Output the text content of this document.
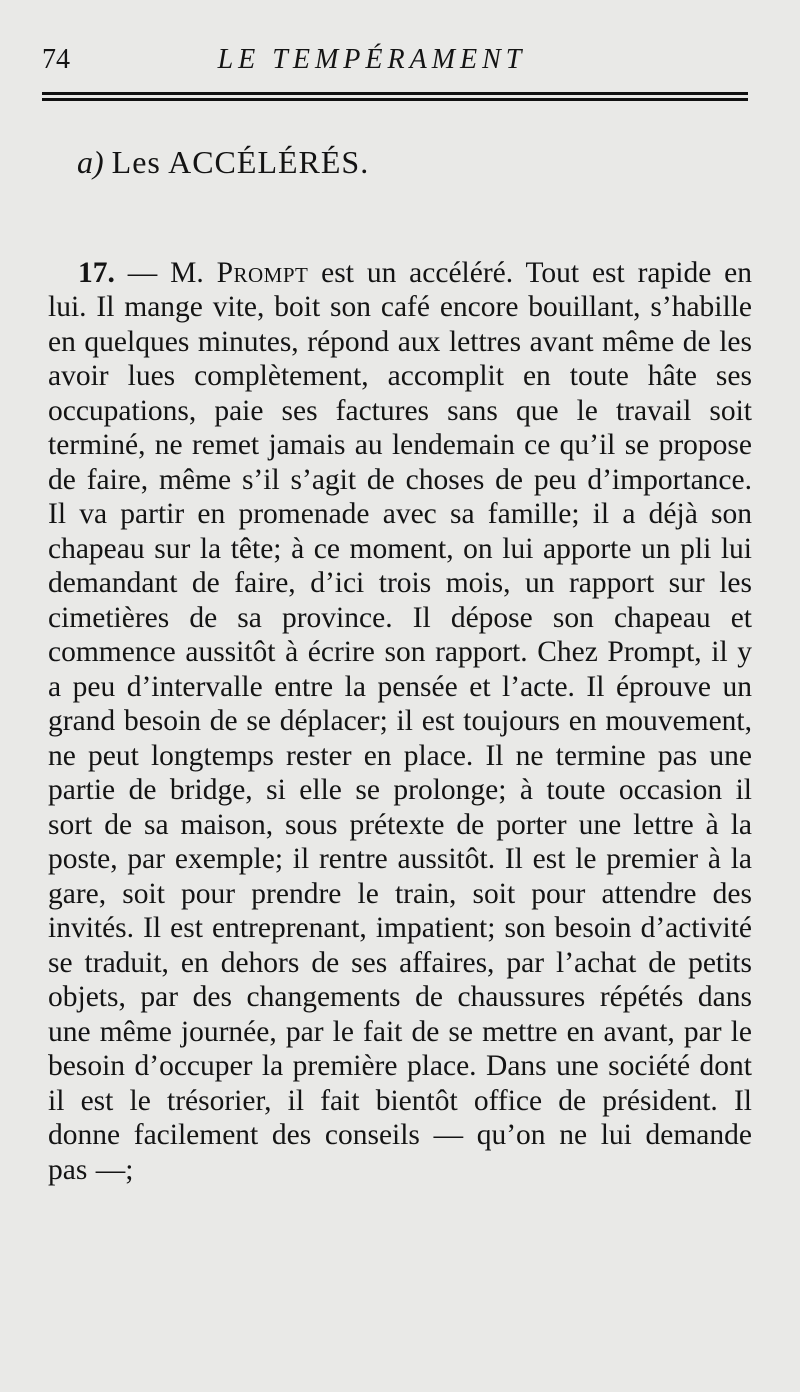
74	LE TEMPÉRAMENT
a) Les ACCÉLÉRÉS.

17. — M. Prompt est un accéléré. Tout est rapide en lui. Il mange vite, boit son café encore bouillant, s’habille en quelques minutes, répond aux lettres avant même de les avoir lues complètement, accomplit en toute hâte ses occupations, paie ses factures sans que le travail soit terminé, ne remet jamais au lendemain ce qu’il se propose de faire, même s’il s’agit de choses de peu d’importance. Il va partir en promenade avec sa famille; il a déjà son chapeau sur la tête; à ce moment, on lui apporte un pli lui demandant de faire, d’ici trois mois, un rapport sur les cimetières de sa province. Il dépose son chapeau et commence aussitôt à écrire son rapport. Chez Prompt, il y a peu d’intervalle entre la pensée et l’acte. Il éprouve un grand besoin de se déplacer; il est toujours en mouvement, ne peut longtemps rester en place. Il ne termine pas une partie de bridge, si elle se prolonge; à toute occasion il sort de sa maison, sous prétexte de porter une lettre à la poste, par exemple; il rentre aussitôt. Il est le premier à la gare, soit pour prendre le train, soit pour attendre des invités. Il est entreprenant, impatient; son besoin d’activité se traduit, en dehors de ses affaires, par l’achat de petits objets, par des changements de chaussures répétés dans une même journée, par le fait de se mettre en avant, par le besoin d’occuper la première place. Dans une société dont il est le trésorier, il fait bientôt office de président. Il donne facilement des conseils — qu’on ne lui demande pas —;
